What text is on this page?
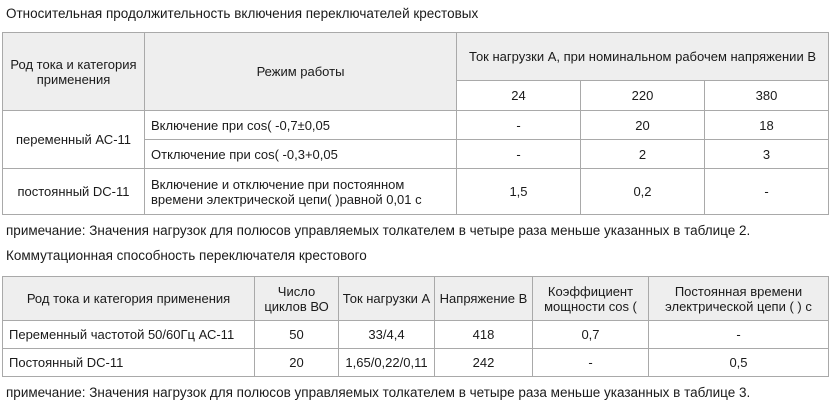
Относительная продолжительность включения переключателей крестовых
Род тока и категория применения	Режим работы	Ток нагрузки А, при номинальном рабочем напряжении В		
		24	220	380
переменный АС-11	Включение при cos( -0,7±0,05	-	20	18
	Отключение при cos( -0,3+0,05	-	2	3
постоянный DC-11	Включение и отключение при постоянном времени электрической цепи( )равной 0,01 с	1,5	0,2	-
примечание: Значения нагрузок для полюсов управляемых толкателем в четыре раза меньше указанных в таблице 2.
Коммутационная способность переключателя крестового
Род тока и категория применения	Число циклов ВО	Ток нагрузки А	Напряжение В	Коэффициент мощности cos (	Постоянная времени электрической цепи ( ) с
Переменный частотой 50/60Гц АС-11	50	33/4,4	418	0,7	-
Постоянный DC-11	20	1,65/0,22/0,11	242	-	0,5
примечание: Значения нагрузок для полюсов управляемых толкателем в четыре раза меньше указанных в таблице 3.
